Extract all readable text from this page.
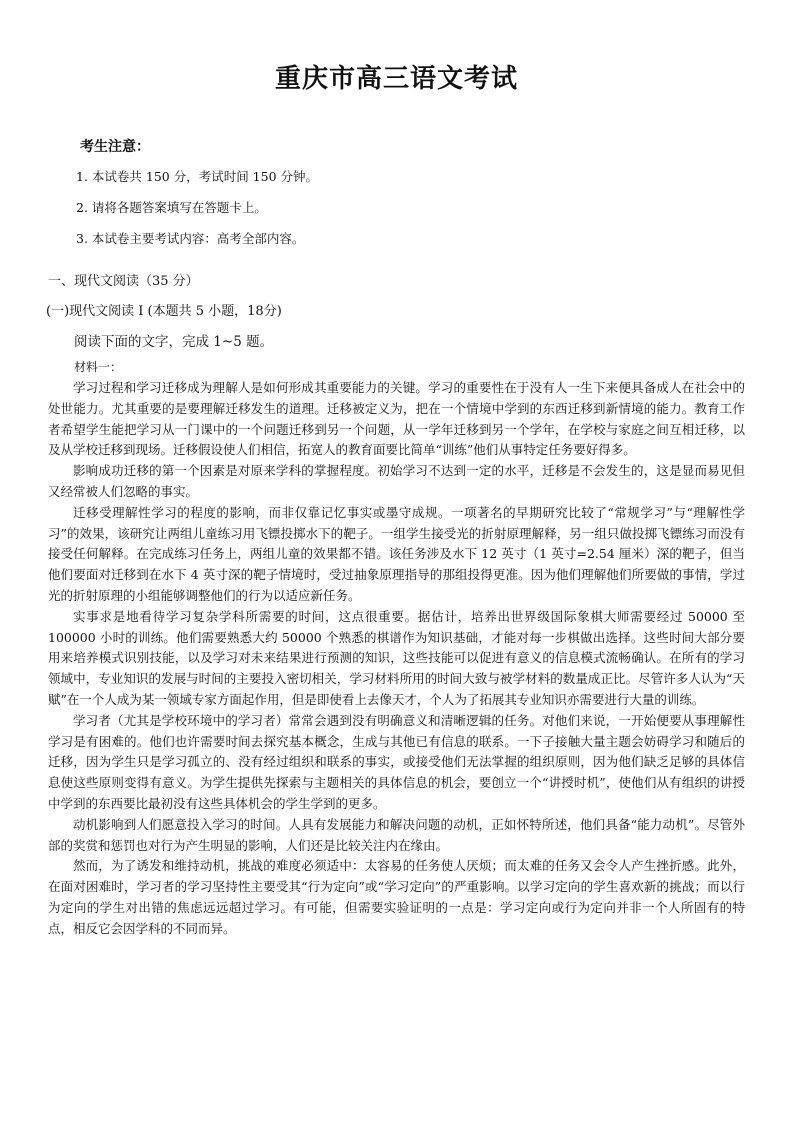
重庆市高三语文考试
考生注意：
1. 本试卷共 150 分，考试时间 150 分钟。
2. 请将各题答案填写在答题卡上。
3. 本试卷主要考试内容：高考全部内容。
一、现代文阅读（35 分）
(一)现代文阅读 I (本题共 5 小题，18分)
阅读下面的文字，完成 1~5 题。
材料一：

学习过程和学习迁移成为理解人是如何形成其重要能力的关键。学习的重要性在于没有人一生下来便具备成人在社会中的处世能力。尤其重要的是要理解迁移发生的道理。迁移被定义为，把在一个情境中学到的东西迁移到新情境的能力。教育工作者希望学生能把学习从一门课中的一个问题迁移到另一个问题，从一学年迁移到另一个学年，在学校与家庭之间互相迁移，以及从学校迁移到现场。迁移假设使人们相信，拓宽人的教育面要比简单“训练”他们从事特定任务要好得多。

影响成功迁移的第一个因素是对原来学科的掌握程度。初始学习不达到一定的水平，迁移是不会发生的，这是显而易见但又经常被人们忽略的事实。

迁移受理解性学习的程度的影响，而非仅靠记忆事实或墨守成规。一项著名的早期研究比较了“常规学习”与“理解性学习”的效果，该研究让两组儿童练习用飞镖投掷水下的靶子。一组学生接受光的折射原理解释，另一组只做投掷飞镖练习而没有接受任何解释。在完成练习任务上，两组儿童的效果都不错。该任务涉及水下 12 英寸（1 英寸=2.54 厘米）深的靶子，但当他们要面对迁移到在水下 4 英寸深的靶子情境时，受过抽象原理指导的那组投得更准。因为他们理解他们所要做的事情，学过光的折射原理的小组能够调整他们的行为以适应新任务。

实事求是地看待学习复杂学科所需要的时间，这点很重要。据估计，培养出世界级国际象棋大师需要经过 50000 至 100000 小时的训练。他们需要熟悉大约 50000 个熟悉的棋谱作为知识基础，才能对每一步棋做出选择。这些时间大部分要用来培养模式识别技能，以及学习对未来结果进行预测的知识，这些技能可以促进有意义的信息模式流畅确认。在所有的学习领域中，专业知识的发展与时间的主要投入密切相关，学习材料所用的时间大致与被学材料的数量成正比。尽管许多人认为“天赋”在一个人成为某一领域专家方面起作用，但是即使看上去像天才，个人为了拓展其专业知识亦需要进行大量的训练。

学习者（尤其是学校环境中的学习者）常常会遇到没有明确意义和清晰逻辑的任务。对他们来说，一开始便要从事理解性学习是有困难的。他们也许需要时间去探究基本概念，生成与其他已有信息的联系。一下子接触大量主题会妨碍学习和随后的迁移，因为学生只是学习孤立的、没有经过组织和联系的事实，或接受他们无法掌握的组织原则，因为他们缺乏足够的具体信息使这些原则变得有意义。为学生提供先探索与主题相关的具体信息的机会，要创立一个“讲授时机”，使他们从有组织的讲授中学到的东西要比最初没有这些具体机会的学生学到的更多。

动机影响到人们愿意投入学习的时间。人具有发展能力和解决问题的动机，正如怀特所述，他们具备“能力动机”。尽管外部的奖赏和惩罚也对行为产生明显的影响，人们还是比较关注内在缘由。

然而，为了诱发和维持动机，挑战的难度必须适中：太容易的任务使人厌烦；而太难的任务又会令人产生挫折感。此外，在面对困难时，学习者的学习坚持性主要受其“行为定向”或“学习定向”的严重影响。以学习定向的学生喜欢新的挑战；而以行为定向的学生对出错的焦虑远远超过学习。有可能，但需要实验证明的一点是：学习定向或行为定向并非一个人所固有的特点，相反它会因学科的不同而异。
